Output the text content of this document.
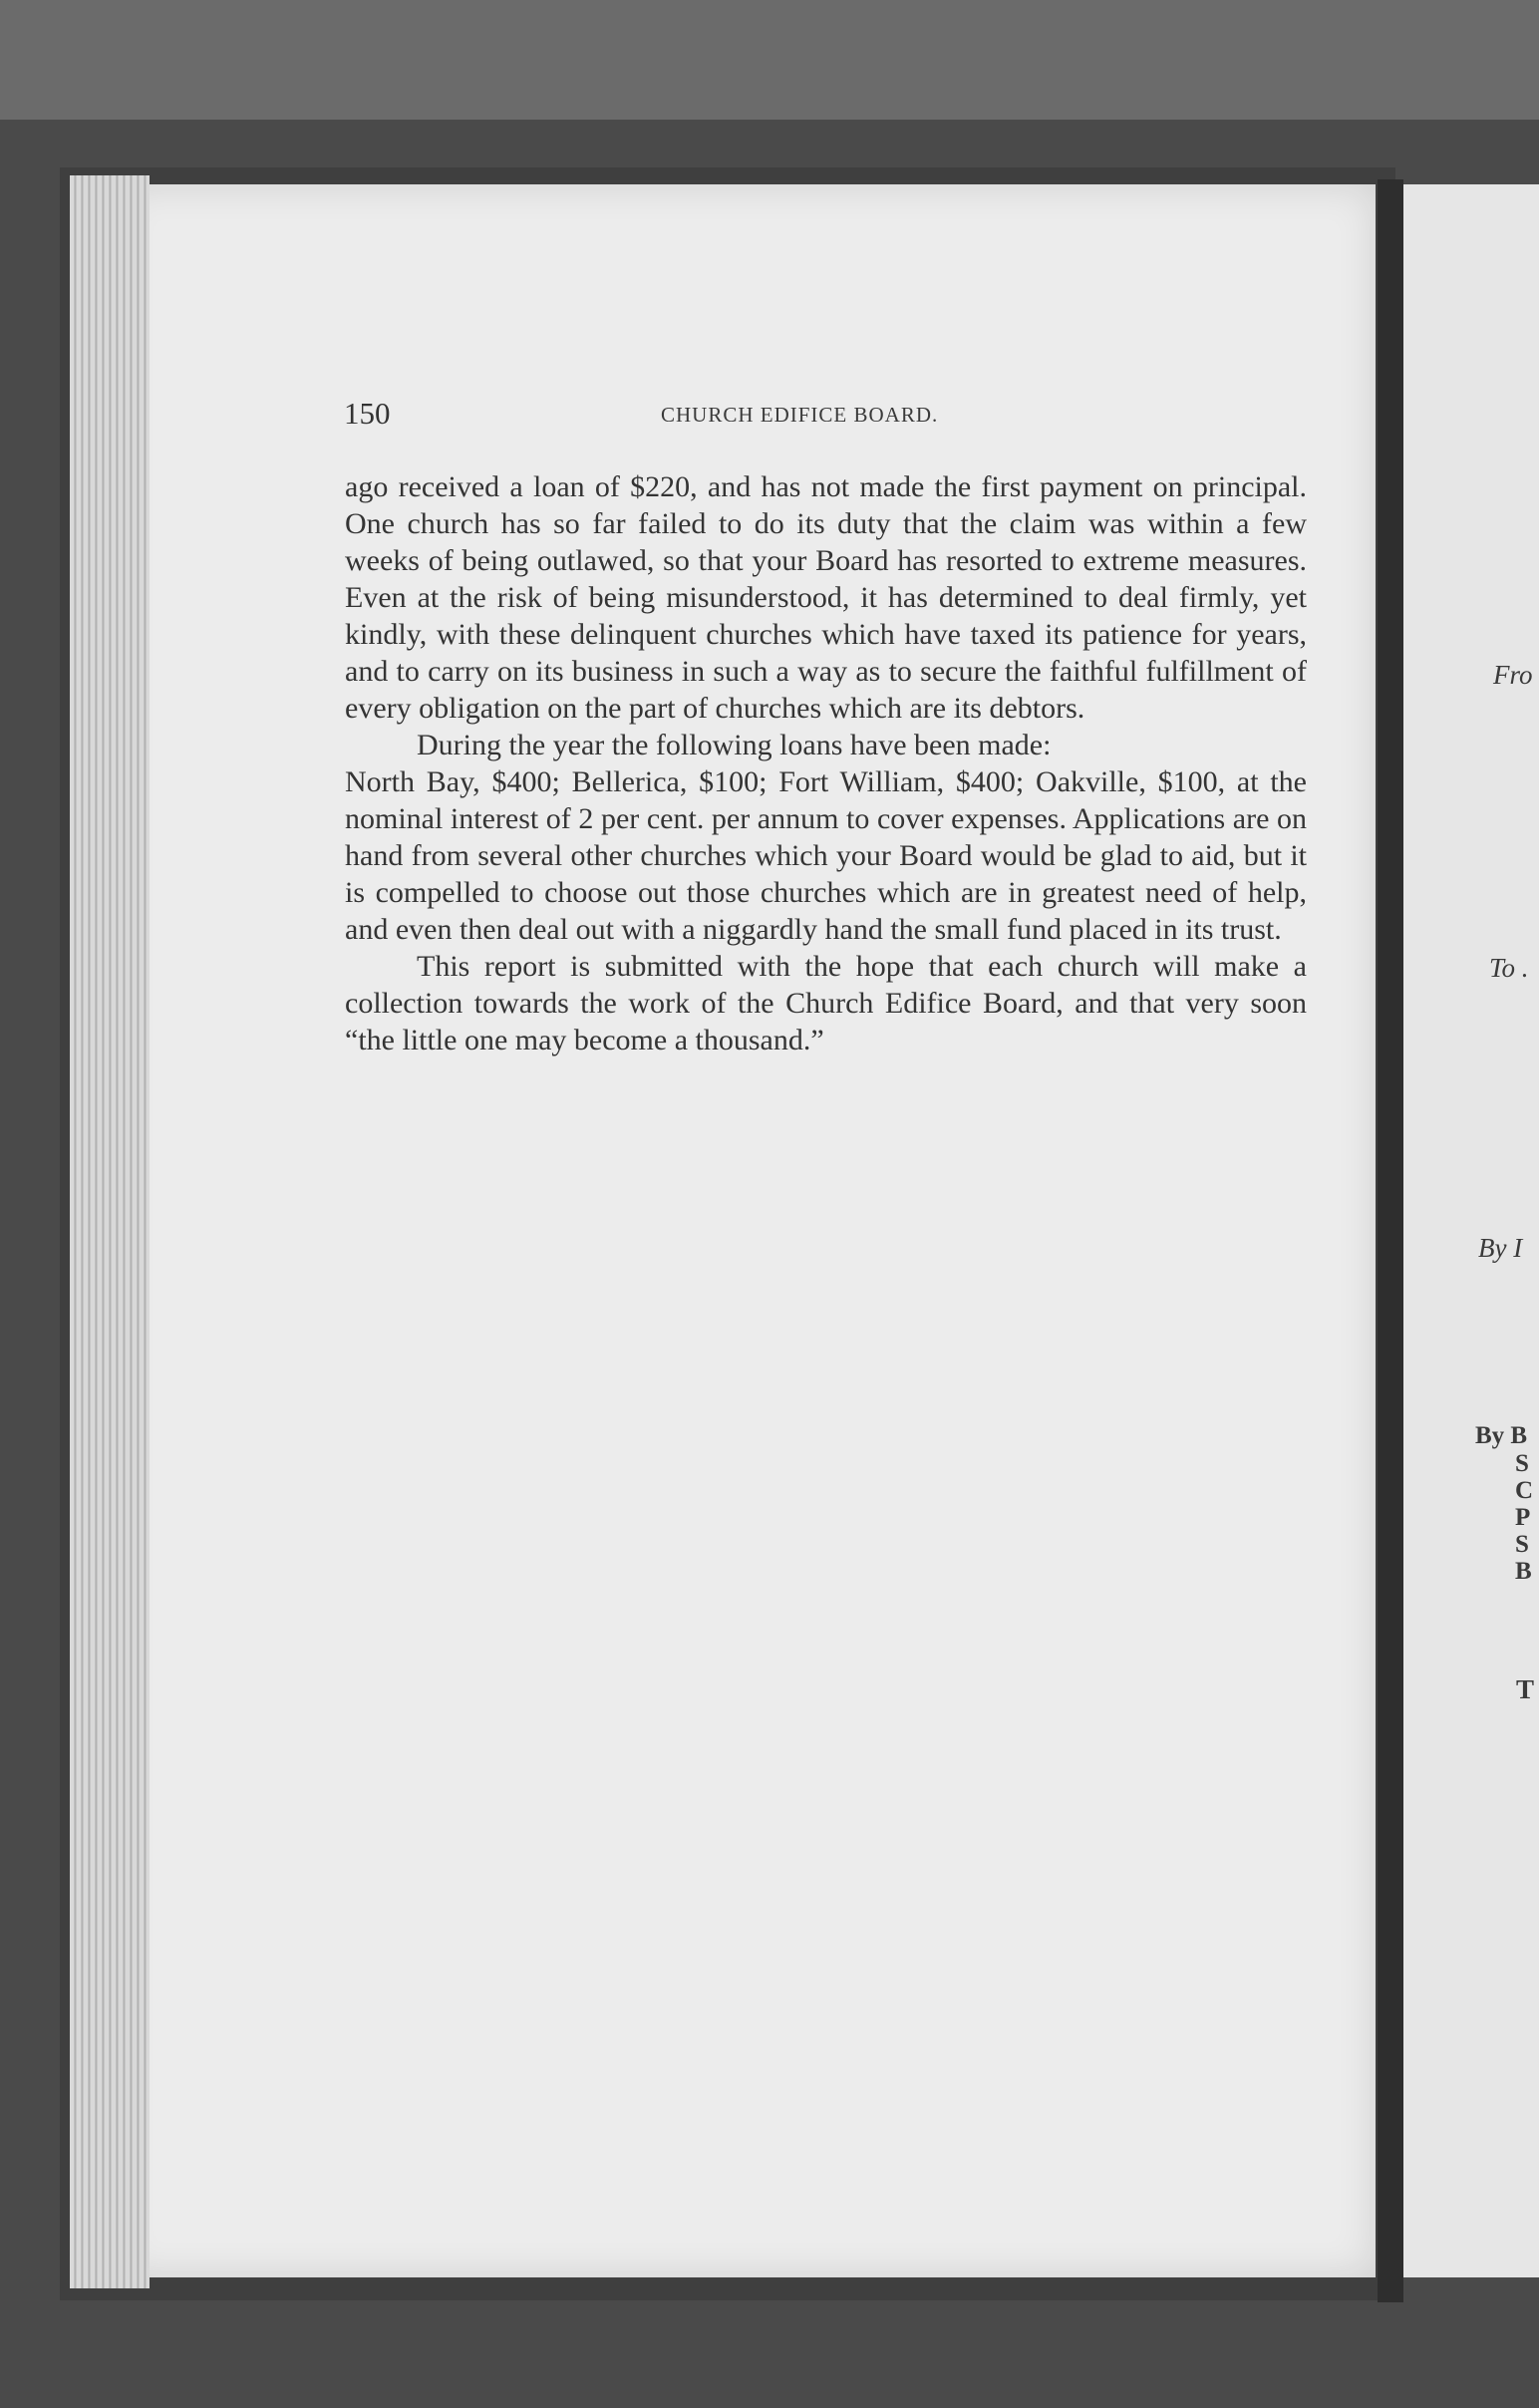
150	CHURCH EDIFICE BOARD.

ago received a loan of $220, and has not made the first payment on principal. One church has so far failed to do its duty that the claim was within a few weeks of being outlawed, so that your Board has resorted to extreme measures. Even at the risk of being misunderstood, it has determined to deal firmly, yet kindly, with these delinquent churches which have taxed its patience for years, and to carry on its business in such a way as to secure the faithful fulfillment of every obligation on the part of churches which are its debtors.

During the year the following loans have been made:

North Bay, $400; Bellerica, $100; Fort William, $400; Oakville, $100, at the nominal interest of 2 per cent. per annum to cover expenses. Applications are on hand from several other churches which your Board would be glad to aid, but it is compelled to choose out those churches which are in greatest need of help, and even then deal out with a niggardly hand the small fund placed in its trust.

This report is submitted with the hope that each church will make a collection towards the work of the Church Edifice Board, and that very soon “the little one may become a thousand.”

Fro
To .
By I
By B

S
C
P
S
B
T
